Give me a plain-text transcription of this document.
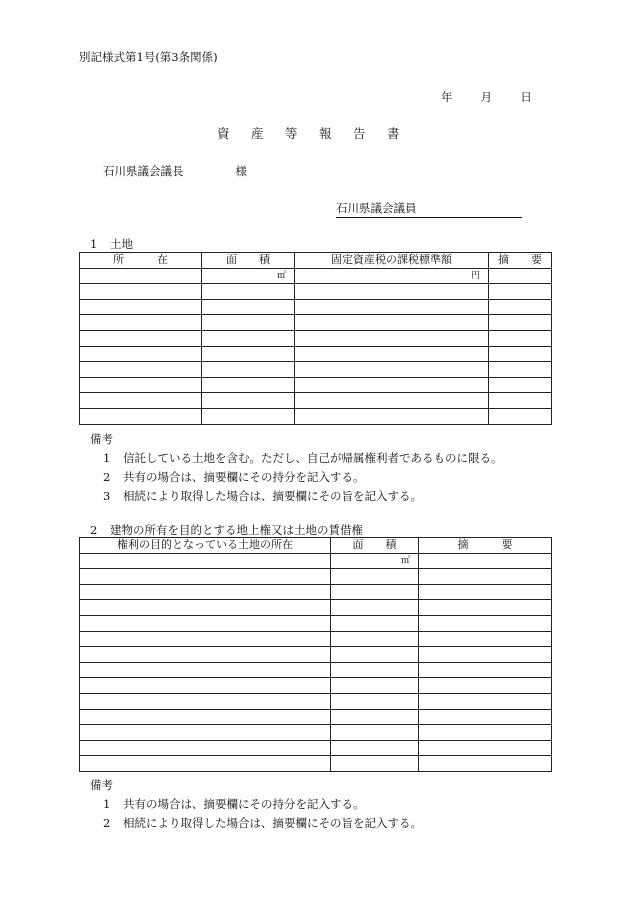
別記様式第1号(第3条関係)
年 月 日
資 産 等 報 告 書
石川県議会議長	様
石川県議会議員
1 土地
所　　　在	面　　積	固定資産税の課税標準額	摘　　要
	㎡	円	

備考
1 信託している土地を含む。ただし、自己が帰属権利者であるものに限る。
2 共有の場合は、摘要欄にその持分を記入する。
3 相続により取得した場合は、摘要欄にその旨を記入する。
2 建物の所有を目的とする地上権又は土地の賃借権
権利の目的となっている土地の所在	面　　積	摘　　　要
	㎡	

備考
1 共有の場合は、摘要欄にその持分を記入する。
2 相続により取得した場合は、摘要欄にその旨を記入する。
